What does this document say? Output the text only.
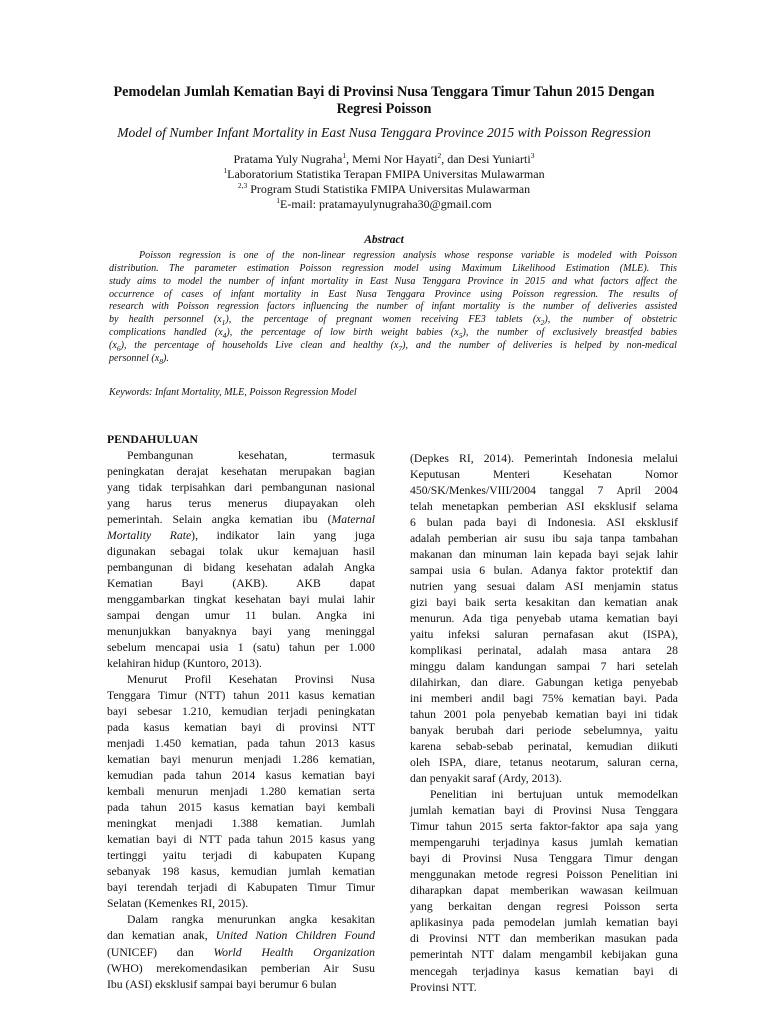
Pemodelan Jumlah Kematian Bayi di Provinsi Nusa Tenggara Timur Tahun 2015 Dengan
Regresi Poisson
Model of Number Infant Mortality in East Nusa Tenggara Province 2015 with Poisson Regression
Pratama Yuly Nugraha$^1$, Memi Nor Hayati$^2$, dan Desi Yuniarti$^3$
$^1$Laboratorium Statistika Terapan FMIPA Universitas Mulawarman
$^{2,3}$ Program Studi Statistika FMIPA Universitas Mulawarman
$^1$E-mail: pratamayulynugraha30@gmail.com
Abstract

Poisson regression is one of the non-linear regression analysis whose response variable is modeled with Poisson

distribution. The parameter estimation Poisson regression model using Maximum Likelihood Estimation (MLE). This

study aims to model the number of infant mortality in East Nusa Tenggara Province in 2015 and what factors affect the

occurrence of cases of infant mortality in East Nusa Tenggara Province using Poisson regression. The results of

research with Poisson regression factors influencing the number of infant mortality is the number of deliveries assisted

by health personnel $(x_1)$, the percentage of pregnant women receiving FE3 tablets $(x_2)$, the number of obstetric

complications handled $(x_4)$, the percentage of low birth weight babies $(x_5)$, the number of exclusively breastfed babies

$(x_6)$, the percentage of households Live clean and healthy $(x_7)$, and the number of deliveries is helped by non-medical

personnel $(x_8)$.

Keywords: Infant Mortality, MLE, Poisson Regression Model
PENDAHULUAN
Pembangunan kesehatan, termasuk
peningkatan derajat kesehatan merupakan bagian
yang tidak terpisahkan dari pembangunan nasional
yang harus terus menerus diupayakan oleh
pemerintah. Selain angka kematian ibu (Maternal
Mortality Rate), indikator lain yang juga
digunakan sebagai tolak ukur kemajuan hasil
pembangunan di bidang kesehatan adalah Angka
Kematian Bayi (AKB). AKB dapat
menggambarkan tingkat kesehatan bayi mulai lahir
sampai dengan umur 11 bulan. Angka ini
menunjukkan banyaknya bayi yang meninggal
sebelum mencapai usia 1 (satu) tahun per 1.000
kelahiran hidup (Kuntoro, 2013).
Menurut Profil Kesehatan Provinsi Nusa
Tenggara Timur (NTT) tahun 2011 kasus kematian
bayi sebesar 1.210, kemudian terjadi peningkatan
pada kasus kematian bayi di provinsi NTT
menjadi 1.450 kematian, pada tahun 2013 kasus
kematian bayi menurun menjadi 1.286 kematian,
kemudian pada tahun 2014 kasus kematian bayi
kembali menurun menjadi 1.280 kematian serta
pada tahun 2015 kasus kematian bayi kembali
meningkat menjadi 1.388 kematian. Jumlah
kematian bayi di NTT pada tahun 2015 kasus yang
tertinggi yaitu terjadi di kabupaten Kupang
sebanyak 198 kasus, kemudian jumlah kematian
bayi terendah terjadi di Kabupaten Timur Timur
Selatan (Kemenkes RI, 2015).
Dalam rangka menurunkan angka kesakitan
dan kematian anak, United Nation Children Found
(UNICEF) dan World Health Organization
(WHO) merekomendasikan pemberian Air Susu
Ibu (ASI) eksklusif sampai bayi berumur 6 bulan
(Depkes RI, 2014). Pemerintah Indonesia melalui
Keputusan Menteri Kesehatan Nomor
450/SK/Menkes/VIII/2004 tanggal 7 April 2004
telah menetapkan pemberian ASI eksklusif selama
6 bulan pada bayi di Indonesia. ASI eksklusif
adalah pemberian air susu ibu saja tanpa tambahan
makanan dan minuman lain kepada bayi sejak lahir
sampai usia 6 bulan. Adanya faktor protektif dan
nutrien yang sesuai dalam ASI menjamin status
gizi bayi baik serta kesakitan dan kematian anak
menurun. Ada tiga penyebab utama kematian bayi
yaitu infeksi saluran pernafasan akut (ISPA),
komplikasi perinatal, adalah masa antara 28
minggu dalam kandungan sampai 7 hari setelah
dilahirkan, dan diare. Gabungan ketiga penyebab
ini memberi andil bagi 75% kematian bayi. Pada
tahun 2001 pola penyebab kematian bayi ini tidak
banyak berubah dari periode sebelumnya, yaitu
karena sebab-sebab perinatal, kemudian diikuti
oleh ISPA, diare, tetanus neotarum, saluran cerna,
dan penyakit saraf (Ardy, 2013).
Penelitian ini bertujuan untuk memodelkan
jumlah kematian bayi di Provinsi Nusa Tenggara
Timur tahun 2015 serta faktor-faktor apa saja yang
mempengaruhi terjadinya kasus jumlah kematian
bayi di Provinsi Nusa Tenggara Timur dengan
menggunakan metode regresi Poisson Penelitian ini
diharapkan dapat memberikan wawasan keilmuan
yang berkaitan dengan regresi Poisson serta
aplikasinya pada pemodelan jumlah kematian bayi
di Provinsi NTT dan memberikan masukan pada
pemerintah NTT dalam mengambil kebijakan guna
mencegah terjadinya kasus kematian bayi di
Provinsi NTT.
